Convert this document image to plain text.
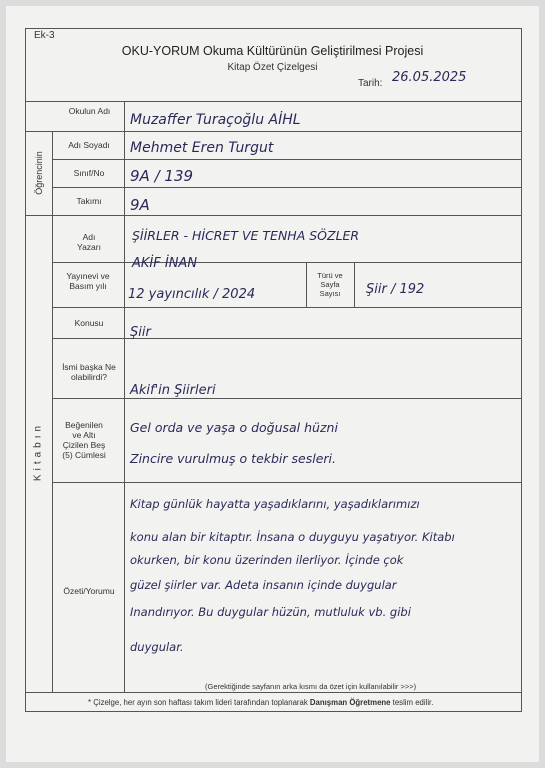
Ek-3
OKU-YORUM Okuma Kültürünün Geliştirilmesi Projesi
Kitap Özet Çizelgesi
Tarih: 26.05.2025
Öğrencinin
Kitabın
Okulun Adı
Adı Soyadı
Sınıf/No
Takımı
Adı Yazarı
Yayınevi ve Basım yılı
Türü ve Sayfa Sayısı
Konusu
İsmi başka Ne olabilirdi?
Beğenilen ve Altı Çizilen Beş (5) Cümlesi
Özeti/Yorumu
Muzaffer Turaçoğlu AİHL
Mehmet Eren Turgut
9A / 139
9A
ŞİİRLER - HİCRET VE TENHA SÖZLER
AKİF İNAN
12 yayıncılık / 2024	Şiir / 192
Şiir
Akif'in Şiirleri
Gel orda ve yaşa o doğusal hüzni
Zincire vurulmuş o tekbir sesleri.
Kitap günlük hayatta yaşadıklarını, yaşadıklarımızı
konu alan bir kitaptır. İnsana o duyguyu yaşatıyor. Kitabı
okurken, bir konu üzerinden ilerliyor. İçinde çok
güzel şiirler var. Adeta insanın içinde duygular
Inandırıyor. Bu duygular hüzün, mutluluk vb. gibi
duygular.
(Gerektiğinde sayfanın arka kısmı da özet için kullanılabilir >>>)
* Çizelge, her ayın son haftası takım lideri tarafından toplanarak Danışman Öğretmene teslim edilir.
